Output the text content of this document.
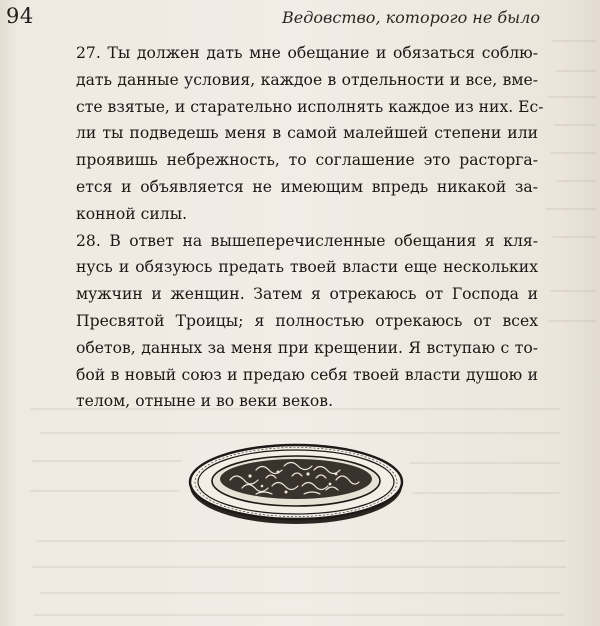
94	Ведовство, которого не было
27. Ты должен дать мне обещание и обязаться соблю-
дать данные условия, каждое в отдельности и все, вме-
сте взятые, и старательно исполнять каждое из них. Ес-
ли ты подведешь меня в самой малейшей степени или
проявишь небрежность, то соглашение это расторга-
ется и объявляется не имеющим впредь никакой за-
конной силы.
28. В ответ на вышеперечисленные обещания я кля-
нусь и обязуюсь предать твоей власти еще нескольких
мужчин и женщин. Затем я отрекаюсь от Господа и
Пресвятой Троицы; я полностью отрекаюсь от всех
обетов, данных за меня при крещении. Я вступаю с то-
бой в новый союз и предаю себя твоей власти душою и
телом, отныне и во веки веков.
